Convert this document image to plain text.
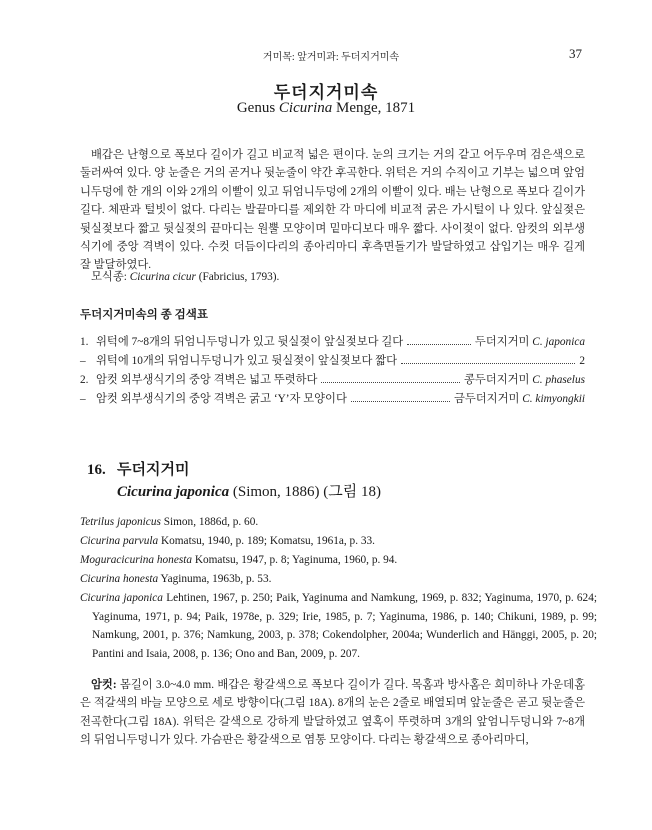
거미목: 앞거미과: 두더지거미속	37
두더지거미속
Genus Cicurina Menge, 1871
배갑은 난형으로 폭보다 길이가 길고 비교적 넓은 편이다. 눈의 크기는 거의 같고 어두우며 검은색으로 둘러싸여 있다. 양 눈줄은 거의 곧거나 뒷눈줄이 약간 후곡한다. 위턱은 거의 수직이고 기부는 넓으며 앞엄니두덩에 한 개의 이와 2개의 이빨이 있고 뒤엄니두덩에 2개의 이빨이 있다. 배는 난형으로 폭보다 길이가 길다. 체판과 털빗이 없다. 다리는 발끝마디를 제외한 각 마디에 비교적 굵은 가시털이 나 있다. 앞실젖은 뒷실젖보다 짧고 뒷실젖의 끝마디는 원뿔 모양이며 밑마디보다 매우 짧다. 사이젖이 없다. 암컷의 외부생식기에 중앙 격벽이 있다. 수컷 더듬이다리의 종아리마디 후측면돌기가 발달하였고 삽입기는 매우 길게 잘 발달하였다.
모식종: Cicurina cicur (Fabricius, 1793).
두더지거미속의 종 검색표
1. 위턱에 7~8개의 뒤엄니두덩니가 있고 뒷실젖이 앞실젖보다 길다	두더지거미 C. japonica
– 위턱에 10개의 뒤엄니두덩니가 있고 뒷실젖이 앞실젖보다 짧다	2
2. 암컷 외부생식기의 중앙 격벽은 넓고 뚜렷하다	콩두더지거미 C. phaselus
– 암컷 외부생식기의 중앙 격벽은 굵고 ‘Y’자 모양이다	금두더지거미 C. kimyongkii
16. 두더지거미
Cicurina japonica (Simon, 1886) (그림 18)
Tetrilus japonicus Simon, 1886d, p. 60.
Cicurina parvula Komatsu, 1940, p. 189; Komatsu, 1961a, p. 33.
Moguracicurina honesta Komatsu, 1947, p. 8; Yaginuma, 1960, p. 94.
Cicurina honesta Yaginuma, 1963b, p. 53.
Cicurina japonica Lehtinen, 1967, p. 250; Paik, Yaginuma and Namkung, 1969, p. 832; Yaginuma, 1970, p. 624; Yaginuma, 1971, p. 94; Paik, 1978e, p. 329; Irie, 1985, p. 7; Yaginuma, 1986, p. 140; Chikuni, 1989, p. 99; Namkung, 2001, p. 376; Namkung, 2003, p. 378; Cokendolpher, 2004a; Wunderlich and Hänggi, 2005, p. 20; Pantini and Isaia, 2008, p. 136; Ono and Ban, 2009, p. 207.
암컷: 몸길이 3.0~4.0 mm. 배갑은 황갈색으로 폭보다 길이가 길다. 목홈과 방사홈은 희미하나 가운데홈은 적갈색의 바늘 모양으로 세로 방향이다(그림 18A). 8개의 눈은 2줄로 배열되며 앞눈줄은 곧고 뒷눈줄은 전곡한다(그림 18A). 위턱은 갈색으로 강하게 발달하였고 옆혹이 뚜렷하며 3개의 앞엄니두덩니와 7~8개의 뒤엄니두덩니가 있다. 가슴판은 황갈색으로 염통 모양이다. 다리는 황갈색으로 종아리마디,
